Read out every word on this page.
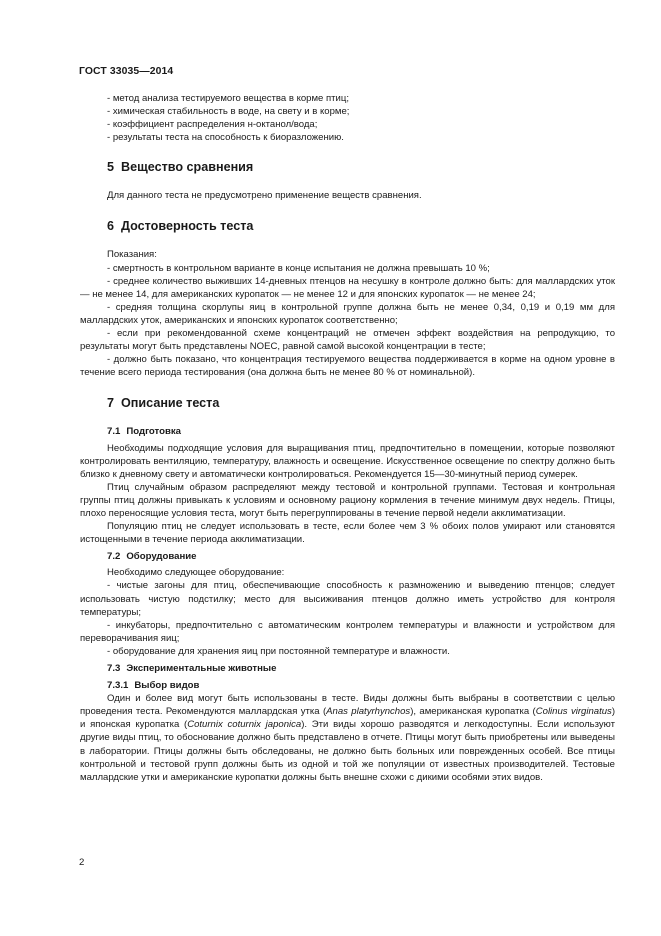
ГОСТ 33035—2014

- метод анализа тестируемого вещества в корме птиц;

- химическая стабильность в воде, на свету и в корме;

- коэффициент распределения н-октанол/вода;

- результаты теста на способность к биоразложению.

5 Вещество сравнения

Для данного теста не предусмотрено применение веществ сравнения.

6 Достоверность теста

Показания:

- смертность в контрольном варианте в конце испытания не должна превышать 10 %;

- среднее количество выживших 14-дневных птенцов на несушку в контроле должно быть: для маллардских уток — не менее 14, для американских куропаток — не менее 12 и для японских куропаток — не менее 24;

- средняя толщина скорлупы яиц в контрольной группе должна быть не менее 0,34, 0,19 и 0,19 мм для маллардских уток, американских и японских куропаток соответственно;

- если при рекомендованной схеме концентраций не отмечен эффект воздействия на репродукцию, то результаты могут быть представлены NOEC, равной самой высокой концентрации в тесте;

- должно быть показано, что концентрация тестируемого вещества поддерживается в корме на одном уровне в течение всего периода тестирования (она должна быть не менее 80 % от номинальной).

7 Описание теста
7.1 Подготовка

Необходимы подходящие условия для выращивания птиц, предпочтительно в помещении, которые позволяют контролировать вентиляцию, температуру, влажность и освещение. Искусственное освещение по спектру должно быть близко к дневному свету и автоматически контролироваться. Рекомендуется 15—30-минутный период сумерек.

Птиц случайным образом распределяют между тестовой и контрольной группами. Тестовая и контрольная группы птиц должны привыкать к условиям и основному рациону кормления в течение минимум двух недель. Птицы, плохо переносящие условия теста, могут быть перегруппированы в течение первой недели акклиматизации.

Популяцию птиц не следует использовать в тесте, если более чем 3 % обоих полов умирают или становятся истощенными в течение периода акклиматизации.

7.2 Оборудование

Необходимо следующее оборудование:

- чистые загоны для птиц, обеспечивающие способность к размножению и выведению птенцов; следует использовать чистую подстилку; место для высиживания птенцов должно иметь устройство для контроля температуры;

- инкубаторы, предпочтительно с автоматическим контролем температуры и влажности и устройством для переворачивания яиц;

- оборудование для хранения яиц при постоянной температуре и влажности.

7.3 Экспериментальные животные
7.3.1 Выбор видов

Один и более вид могут быть использованы в тесте. Виды должны быть выбраны в соответствии с целью проведения теста. Рекомендуются маллардская утка (Anas platyrhynchos), американская куропатка (Colinus virginatus) и японская куропатка (Coturnix coturnix japonica). Эти виды хорошо разводятся и легкодоступны. Если используют другие виды птиц, то обоснование должно быть представлено в отчете. Птицы могут быть приобретены или выведены в лаборатории. Птицы должны быть обследованы, не должно быть больных или поврежденных особей. Все птицы контрольной и тестовой групп должны быть из одной и той же популяции от известных производителей. Тестовые маллардские утки и американские куропатки должны быть внешне схожи с дикими особями этих видов.

2
